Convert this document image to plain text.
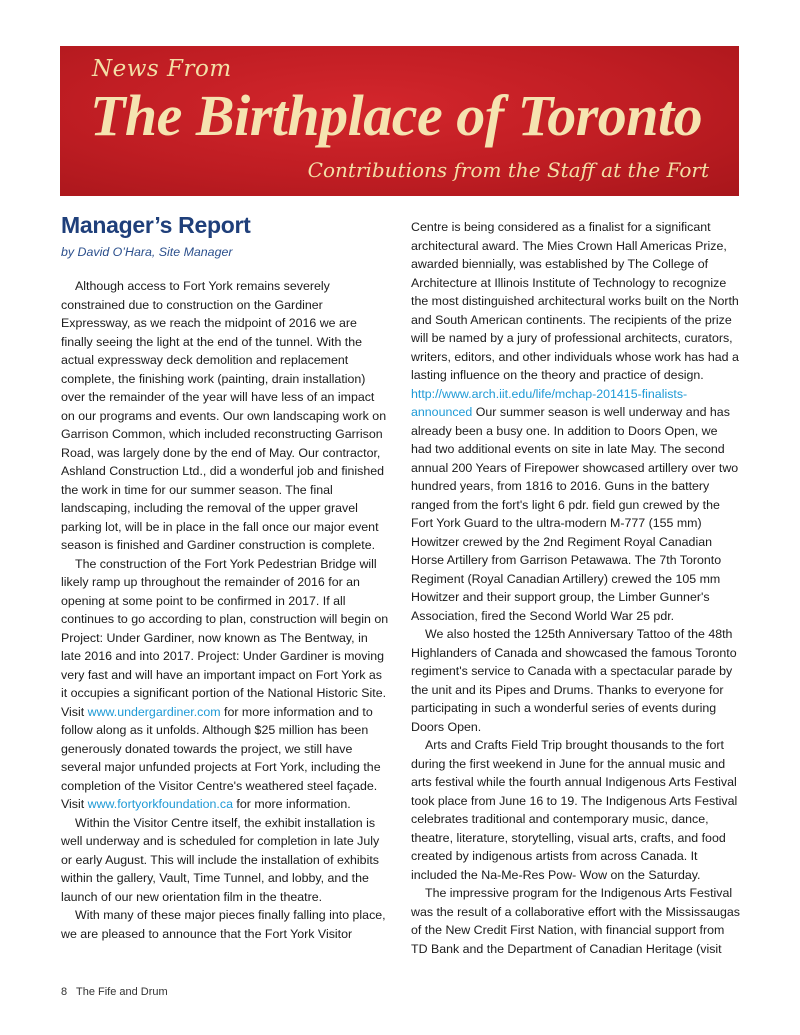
News From
The Birthplace of Toronto
Contributions from the Staff at the Fort
Manager’s Report
by David O’Hara, Site Manager

Although access to Fort York remains severely constrained due to construction on the Gardiner Expressway, as we reach the midpoint of 2016 we are finally seeing the light at the end of the tunnel. With the actual expressway deck demolition and replacement complete, the finishing work (painting, drain installation) over the remainder of the year will have less of an impact on our programs and events. Our own landscaping work on Garrison Common, which included reconstructing Garrison Road, was largely done by the end of May. Our contractor, Ashland Construction Ltd., did a wonderful job and finished the work in time for our summer season. The final landscaping, including the removal of the upper gravel parking lot, will be in place in the fall once our major event season is finished and Gardiner construction is complete.

The construction of the Fort York Pedestrian Bridge will likely ramp up throughout the remainder of 2016 for an opening at some point to be confirmed in 2017. If all continues to go according to plan, construction will begin on Project: Under Gardiner, now known as The Bentway, in late 2016 and into 2017. Project: Under Gardiner is moving very fast and will have an important impact on Fort York as it occupies a significant portion of the National Historic Site. Visit www.undergardiner.com for more information and to follow along as it unfolds. Although $25 million has been generously donated towards the project, we still have several major unfunded projects at Fort York, including the completion of the Visitor Centre's weathered steel façade. Visit www.fortyorkfoundation.ca for more information.

Within the Visitor Centre itself, the exhibit installation is well underway and is scheduled for completion in late July or early August. This will include the installation of exhibits within the gallery, Vault, Time Tunnel, and lobby, and the launch of our new orientation film in the theatre.

With many of these major pieces finally falling into place, we are pleased to announce that the Fort York Visitor

Centre is being considered as a finalist for a significant architectural award. The Mies Crown Hall Americas Prize, awarded biennially, was established by The College of Architecture at Illinois Institute of Technology to recognize the most distinguished architectural works built on the North and South American continents. The recipients of the prize will be named by a jury of professional architects, curators, writers, editors, and other individuals whose work has had a lasting influence on the theory and practice of design. http://www.arch.iit.edu/life/mchap-201415-finalists-announced Our summer season is well underway and has already been a busy one. In addition to Doors Open, we had two additional events on site in late May. The second annual 200 Years of Firepower showcased artillery over two hundred years, from 1816 to 2016. Guns in the battery ranged from the fort's light 6 pdr. field gun crewed by the Fort York Guard to the ultra-modern M-777 (155 mm) Howitzer crewed by the 2nd Regiment Royal Canadian Horse Artillery from Garrison Petawawa. The 7th Toronto Regiment (Royal Canadian Artillery) crewed the 105 mm Howitzer and their support group, the Limber Gunner's Association, fired the Second World War 25 pdr.

We also hosted the 125th Anniversary Tattoo of the 48th Highlanders of Canada and showcased the famous Toronto regiment's service to Canada with a spectacular parade by the unit and its Pipes and Drums. Thanks to everyone for participating in such a wonderful series of events during Doors Open.

Arts and Crafts Field Trip brought thousands to the fort during the first weekend in June for the annual music and arts festival while the fourth annual Indigenous Arts Festival took place from June 16 to 19. The Indigenous Arts Festival celebrates traditional and contemporary music, dance, theatre, literature, storytelling, visual arts, crafts, and food created by indigenous artists from across Canada. It included the Na-Me-Res Pow- Wow on the Saturday.

The impressive program for the Indigenous Arts Festival was the result of a collaborative effort with the Mississaugas of the New Credit First Nation, with financial support from TD Bank and the Department of Canadian Heritage (visit

8 The Fife and Drum
